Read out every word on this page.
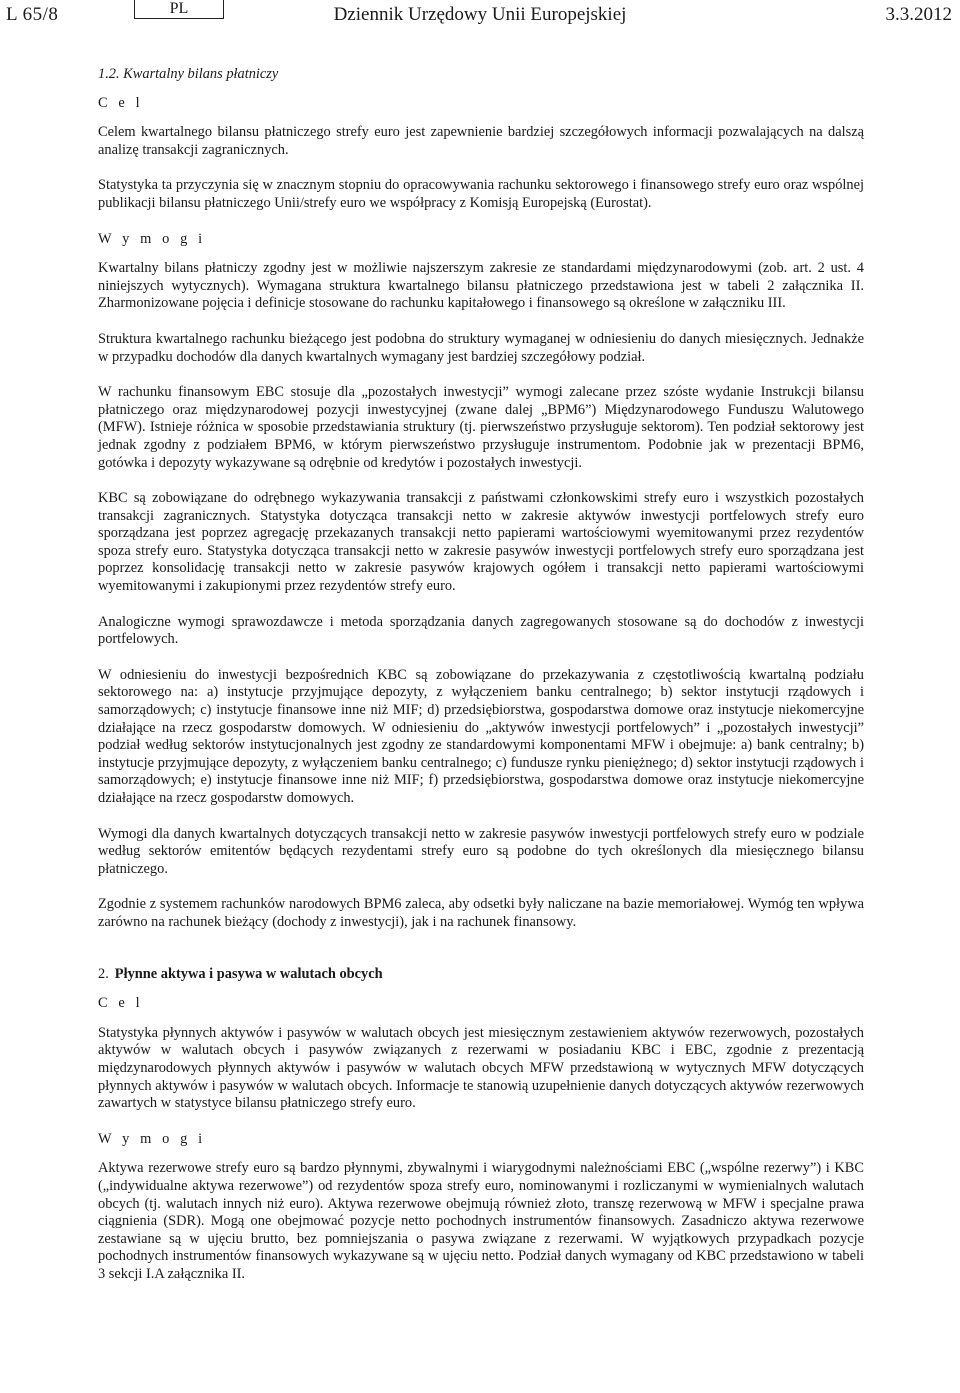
L 65/8	PL	Dziennik Urzędowy Unii Europejskiej	3.3.2012
1.2. Kwartalny bilans płatniczy
C e l

Celem kwartalnego bilansu płatniczego strefy euro jest zapewnienie bardziej szczegółowych informacji pozwalających na dalszą analizę transakcji zagranicznych.

Statystyka ta przyczynia się w znacznym stopniu do opracowywania rachunku sektorowego i finansowego strefy euro oraz wspólnej publikacji bilansu płatniczego Unii/strefy euro we współpracy z Komisją Europejską (Eurostat).

W y m o g i

Kwartalny bilans płatniczy zgodny jest w możliwie najszerszym zakresie ze standardami międzynarodowymi (zob. art. 2 ust. 4 niniejszych wytycznych). Wymagana struktura kwartalnego bilansu płatniczego przedstawiona jest w tabeli 2 załącznika II. Zharmonizowane pojęcia i definicje stosowane do rachunku kapitałowego i finansowego są określone w załączniku III.

Struktura kwartalnego rachunku bieżącego jest podobna do struktury wymaganej w odniesieniu do danych miesięcznych. Jednakże w przypadku dochodów dla danych kwartalnych wymagany jest bardziej szczegółowy podział.

W rachunku finansowym EBC stosuje dla „pozostałych inwestycji” wymogi zalecane przez szóste wydanie Instrukcji bilansu płatniczego oraz międzynarodowej pozycji inwestycyjnej (zwane dalej „BPM6”) Międzynarodowego Funduszu Walutowego (MFW). Istnieje różnica w sposobie przedstawiania struktury (tj. pierwszeństwo przysługuje sektorom). Ten podział sektorowy jest jednak zgodny z podziałem BPM6, w którym pierwszeństwo przysługuje instrumentom. Podobnie jak w prezentacji BPM6, gotówka i depozyty wykazywane są odrębnie od kredytów i pozostałych inwestycji.

KBC są zobowiązane do odrębnego wykazywania transakcji z państwami członkowskimi strefy euro i wszystkich pozostałych transakcji zagranicznych. Statystyka dotycząca transakcji netto w zakresie aktywów inwestycji portfelowych strefy euro sporządzana jest poprzez agregację przekazanych transakcji netto papierami wartościowymi wyemitowanymi przez rezydentów spoza strefy euro. Statystyka dotycząca transakcji netto w zakresie pasywów inwestycji portfelowych strefy euro sporządzana jest poprzez konsolidację transakcji netto w zakresie pasywów krajowych ogółem i transakcji netto papierami wartościowymi wyemitowanymi i zakupionymi przez rezydentów strefy euro.

Analogiczne wymogi sprawozdawcze i metoda sporządzania danych zagregowanych stosowane są do dochodów z inwestycji portfelowych.

W odniesieniu do inwestycji bezpośrednich KBC są zobowiązane do przekazywania z częstotliwością kwartalną podziału sektorowego na: a) instytucje przyjmujące depozyty, z wyłączeniem banku centralnego; b) sektor instytucji rządowych i samorządowych; c) instytucje finansowe inne niż MIF; d) przedsiębiorstwa, gospodarstwa domowe oraz instytucje niekomercyjne działające na rzecz gospodarstw domowych. W odniesieniu do „aktywów inwestycji portfelowych” i „pozostałych inwestycji” podział według sektorów instytucjonalnych jest zgodny ze standardowymi komponentami MFW i obejmuje: a) bank centralny; b) instytucje przyjmujące depozyty, z wyłączeniem banku centralnego; c) fundusze rynku pieniężnego; d) sektor instytucji rządowych i samorządowych; e) instytucje finansowe inne niż MIF; f) przedsiębiorstwa, gospodarstwa domowe oraz instytucje niekomercyjne działające na rzecz gospodarstw domowych.

Wymogi dla danych kwartalnych dotyczących transakcji netto w zakresie pasywów inwestycji portfelowych strefy euro w podziale według sektorów emitentów będących rezydentami strefy euro są podobne do tych określonych dla miesięcznego bilansu płatniczego.

Zgodnie z systemem rachunków narodowych BPM6 zaleca, aby odsetki były naliczane na bazie memoriałowej. Wymóg ten wpływa zarówno na rachunek bieżący (dochody z inwestycji), jak i na rachunek finansowy.

2. Płynne aktywa i pasywa w walutach obcych
C e l

Statystyka płynnych aktywów i pasywów w walutach obcych jest miesięcznym zestawieniem aktywów rezerwowych, pozostałych aktywów w walutach obcych i pasywów związanych z rezerwami w posiadaniu KBC i EBC, zgodnie z prezentacją międzynarodowych płynnych aktywów i pasywów w walutach obcych MFW przedstawioną w wytycznych MFW dotyczących płynnych aktywów i pasywów w walutach obcych. Informacje te stanowią uzupełnienie danych dotyczących aktywów rezerwowych zawartych w statystyce bilansu płatniczego strefy euro.

W y m o g i

Aktywa rezerwowe strefy euro są bardzo płynnymi, zbywalnymi i wiarygodnymi należnościami EBC („wspólne rezerwy”) i KBC („indywidualne aktywa rezerwowe”) od rezydentów spoza strefy euro, nominowanymi i rozliczanymi w wymienialnych walutach obcych (tj. walutach innych niż euro). Aktywa rezerwowe obejmują również złoto, transzę rezerwową w MFW i specjalne prawa ciągnienia (SDR). Mogą one obejmować pozycje netto pochodnych instrumentów finansowych. Zasadniczo aktywa rezerwowe zestawiane są w ujęciu brutto, bez pomniejszania o pasywa związane z rezerwami. W wyjątkowych przypadkach pozycje pochodnych instrumentów finansowych wykazywane są w ujęciu netto. Podział danych wymagany od KBC przedstawiono w tabeli 3 sekcji I.A załącznika II.
